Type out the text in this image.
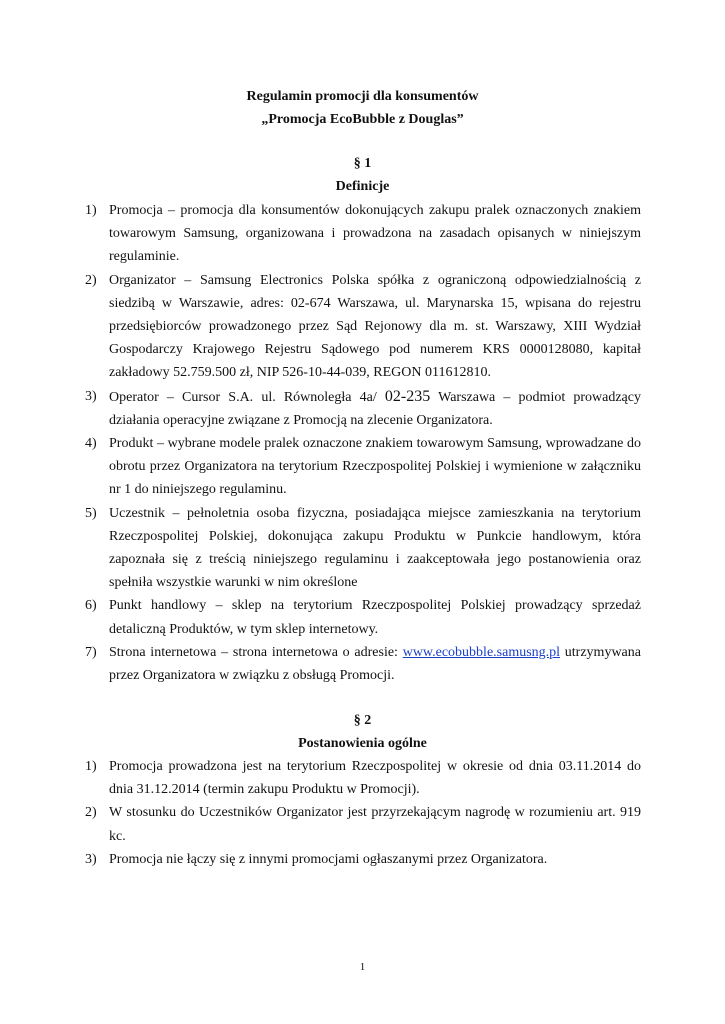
Regulamin promocji dla konsumentów
„Promocja EcoBubble z Douglas”
§ 1
Definicje
1) Promocja – promocja dla konsumentów dokonujących zakupu pralek oznaczonych znakiem towarowym Samsung, organizowana i prowadzona na zasadach opisanych w niniejszym regulaminie.
2) Organizator – Samsung Electronics Polska spółka z ograniczoną odpowiedzialnością z siedzibą w Warszawie, adres: 02-674 Warszawa, ul. Marynarska 15, wpisana do rejestru przedsiębiorców prowadzonego przez Sąd Rejonowy dla m. st. Warszawy, XIII Wydział Gospodarczy Krajowego Rejestru Sądowego pod numerem KRS 0000128080, kapitał zakładowy 52.759.500 zł, NIP 526-10-44-039, REGON 011612810.
3) Operator – Cursor S.A. ul. Równoległa 4a/ 02-235 Warszawa – podmiot prowadzący działania operacyjne związane z Promocją na zlecenie Organizatora.
4) Produkt – wybrane modele pralek oznaczone znakiem towarowym Samsung, wprowadzane do obrotu przez Organizatora na terytorium Rzeczpospolitej Polskiej i wymienione w załączniku nr 1 do niniejszego regulaminu.
5) Uczestnik – pełnoletnia osoba fizyczna, posiadająca miejsce zamieszkania na terytorium Rzeczpospolitej Polskiej, dokonująca zakupu Produktu w Punkcie handlowym, która zapoznała się z treścią niniejszego regulaminu i zaakceptowała jego postanowienia oraz spełniła wszystkie warunki w nim określone
6) Punkt handlowy – sklep na terytorium Rzeczpospolitej Polskiej prowadzący sprzedaż detaliczną Produktów, w tym sklep internetowy.
7) Strona internetowa – strona internetowa o adresie: www.ecobubble.samusng.pl utrzymywana przez Organizatora w związku z obsługą Promocji.
§ 2
Postanowienia ogólne
1) Promocja prowadzona jest na terytorium Rzeczpospolitej w okresie od dnia 03.11.2014 do dnia 31.12.2014 (termin zakupu Produktu w Promocji).
2) W stosunku do Uczestników Organizator jest przyrzekającym nagrodę w rozumieniu art. 919 kc.
3) Promocja nie łączy się z innymi promocjami ogłaszanymi przez Organizatora.
1
